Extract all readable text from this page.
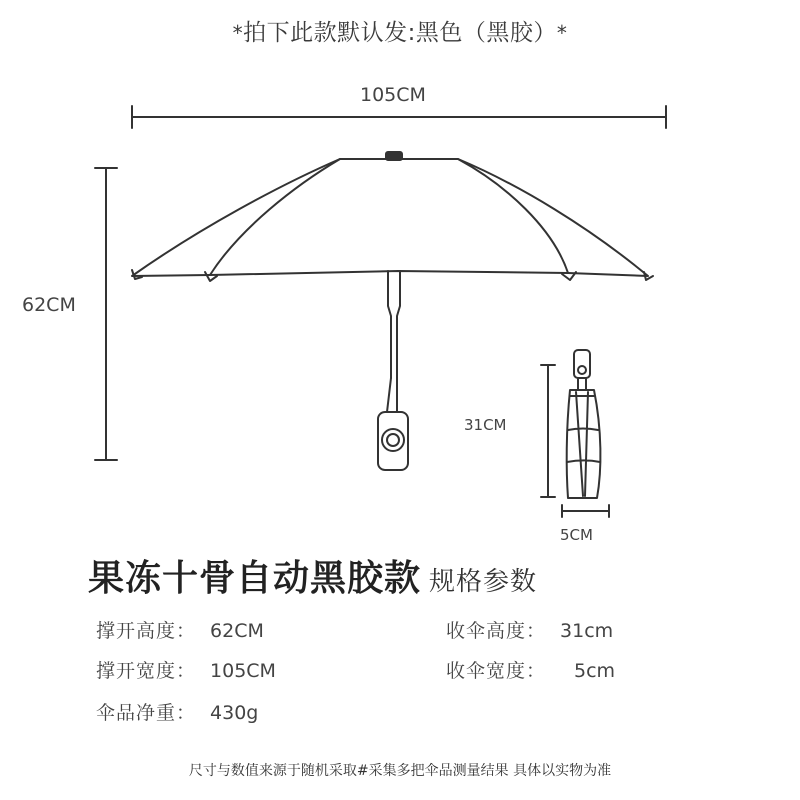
*拍下此款默认发:黑色（黑胶）*
105CM
62CM
31CM
5CM
果冻十骨自动黑胶款 规格参数
撑开高度： 62CM	收伞高度： 31cm
撑开宽度： 105CM	收伞宽度： 5cm
伞品净重： 430g
尺寸与数值来源于随机采取#采集多把伞品测量结果 具体以实物为准
